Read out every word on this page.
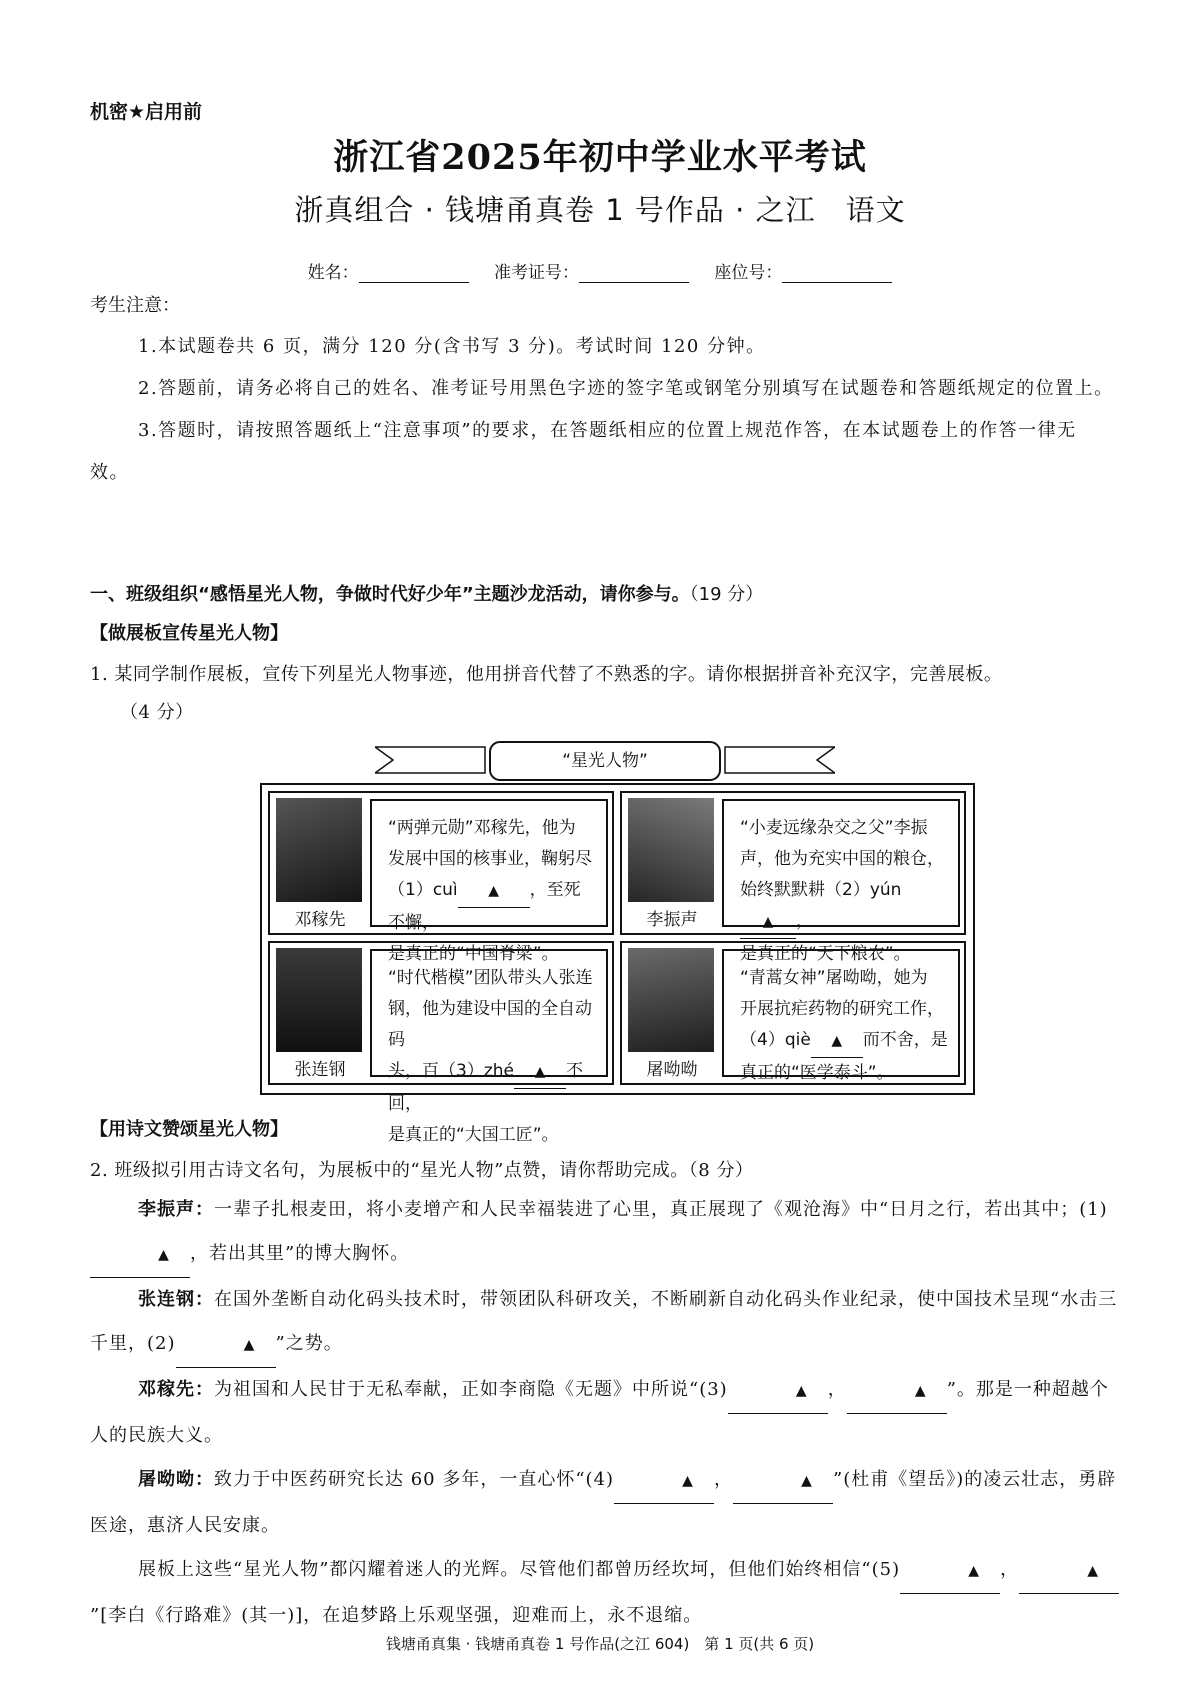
机密★启用前
浙江省2025年初中学业水平考试
浙真组合 · 钱塘甬真卷 1 号作品 · 之江　语文
姓名：	准考证号：	座位号：
考生注意：

1.本试题卷共 6 页，满分 120 分(含书写 3 分)。考试时间 120 分钟。

2.答题前，请务必将自己的姓名、准考证号用黑色字迹的签字笔或钢笔分别填写在试题卷和答题纸规定的位置上。

3.答题时，请按照答题纸上“注意事项”的要求，在答题纸相应的位置上规范作答，在本试题卷上的作答一律无效。

一、班级组织“感悟星光人物，争做时代好少年”主题沙龙活动，请你参与。（19 分）
【做展板宣传星光人物】
1. 某同学制作展板，宣传下列星光人物事迹，他用拼音代替了不熟悉的字。请你根据拼音补充汉字，完善展板。
（4 分）
“星光人物”
邓稼先
“两弹元勋”邓稼先，他为
发展中国的核事业，鞠躬尽
（1）cuì ▲ ，至死不懈，
是真正的“中国脊梁”。
李振声
“小麦远缘杂交之父”李振
声，他为充实中国的粮仓，
始终默默耕（2）yún▲ ，
是真正的“天下粮农”。
张连钢
“时代楷模”团队带头人张连
钢，他为建设中国的全自动码
头，百（3）zhé ▲ 不回，
是真正的“大国工匠”。
屠呦呦
“青蒿女神”屠呦呦，她为
开展抗疟药物的研究工作，
（4）qiè ▲ 而不舍，是
真正的“医学泰斗”。
【用诗文赞颂星光人物】
2. 班级拟引用古诗文名句，为展板中的“星光人物”点赞，请你帮助完成。（8 分）

李振声：一辈子扎根麦田，将小麦增产和人民幸福装进了心里，真正展现了《观沧海》中“日月之行，若出其中；(1)▲ ，若出其里”的博大胸怀。

张连钢：在国外垄断自动化码头技术时，带领团队科研攻关，不断刷新自动化码头作业纪录，使中国技术呈现“水击三千里，(2)	▲ ”之势。

邓稼先：为祖国和人民甘于无私奉献，正如李商隐《无题》中所说“(3)	▲ ，	▲ ”。那是一种超越个人的民族大义。

屠呦呦：致力于中医药研究长达 60 多年，一直心怀“(4)	▲ ，	▲ ”(杜甫《望岳》)的凌云壮志，勇辟医途，惠济人民安康。

展板上这些“星光人物”都闪耀着迷人的光辉。尽管他们都曾历经坎坷，但他们始终相信“(5)	▲ ，	▲”[李白《行路难》(其一)]，在追梦路上乐观坚强，迎难而上，永不退缩。

钱塘甬真集 · 钱塘甬真卷 1 号作品(之江 604)　第 1 页(共 6 页)
